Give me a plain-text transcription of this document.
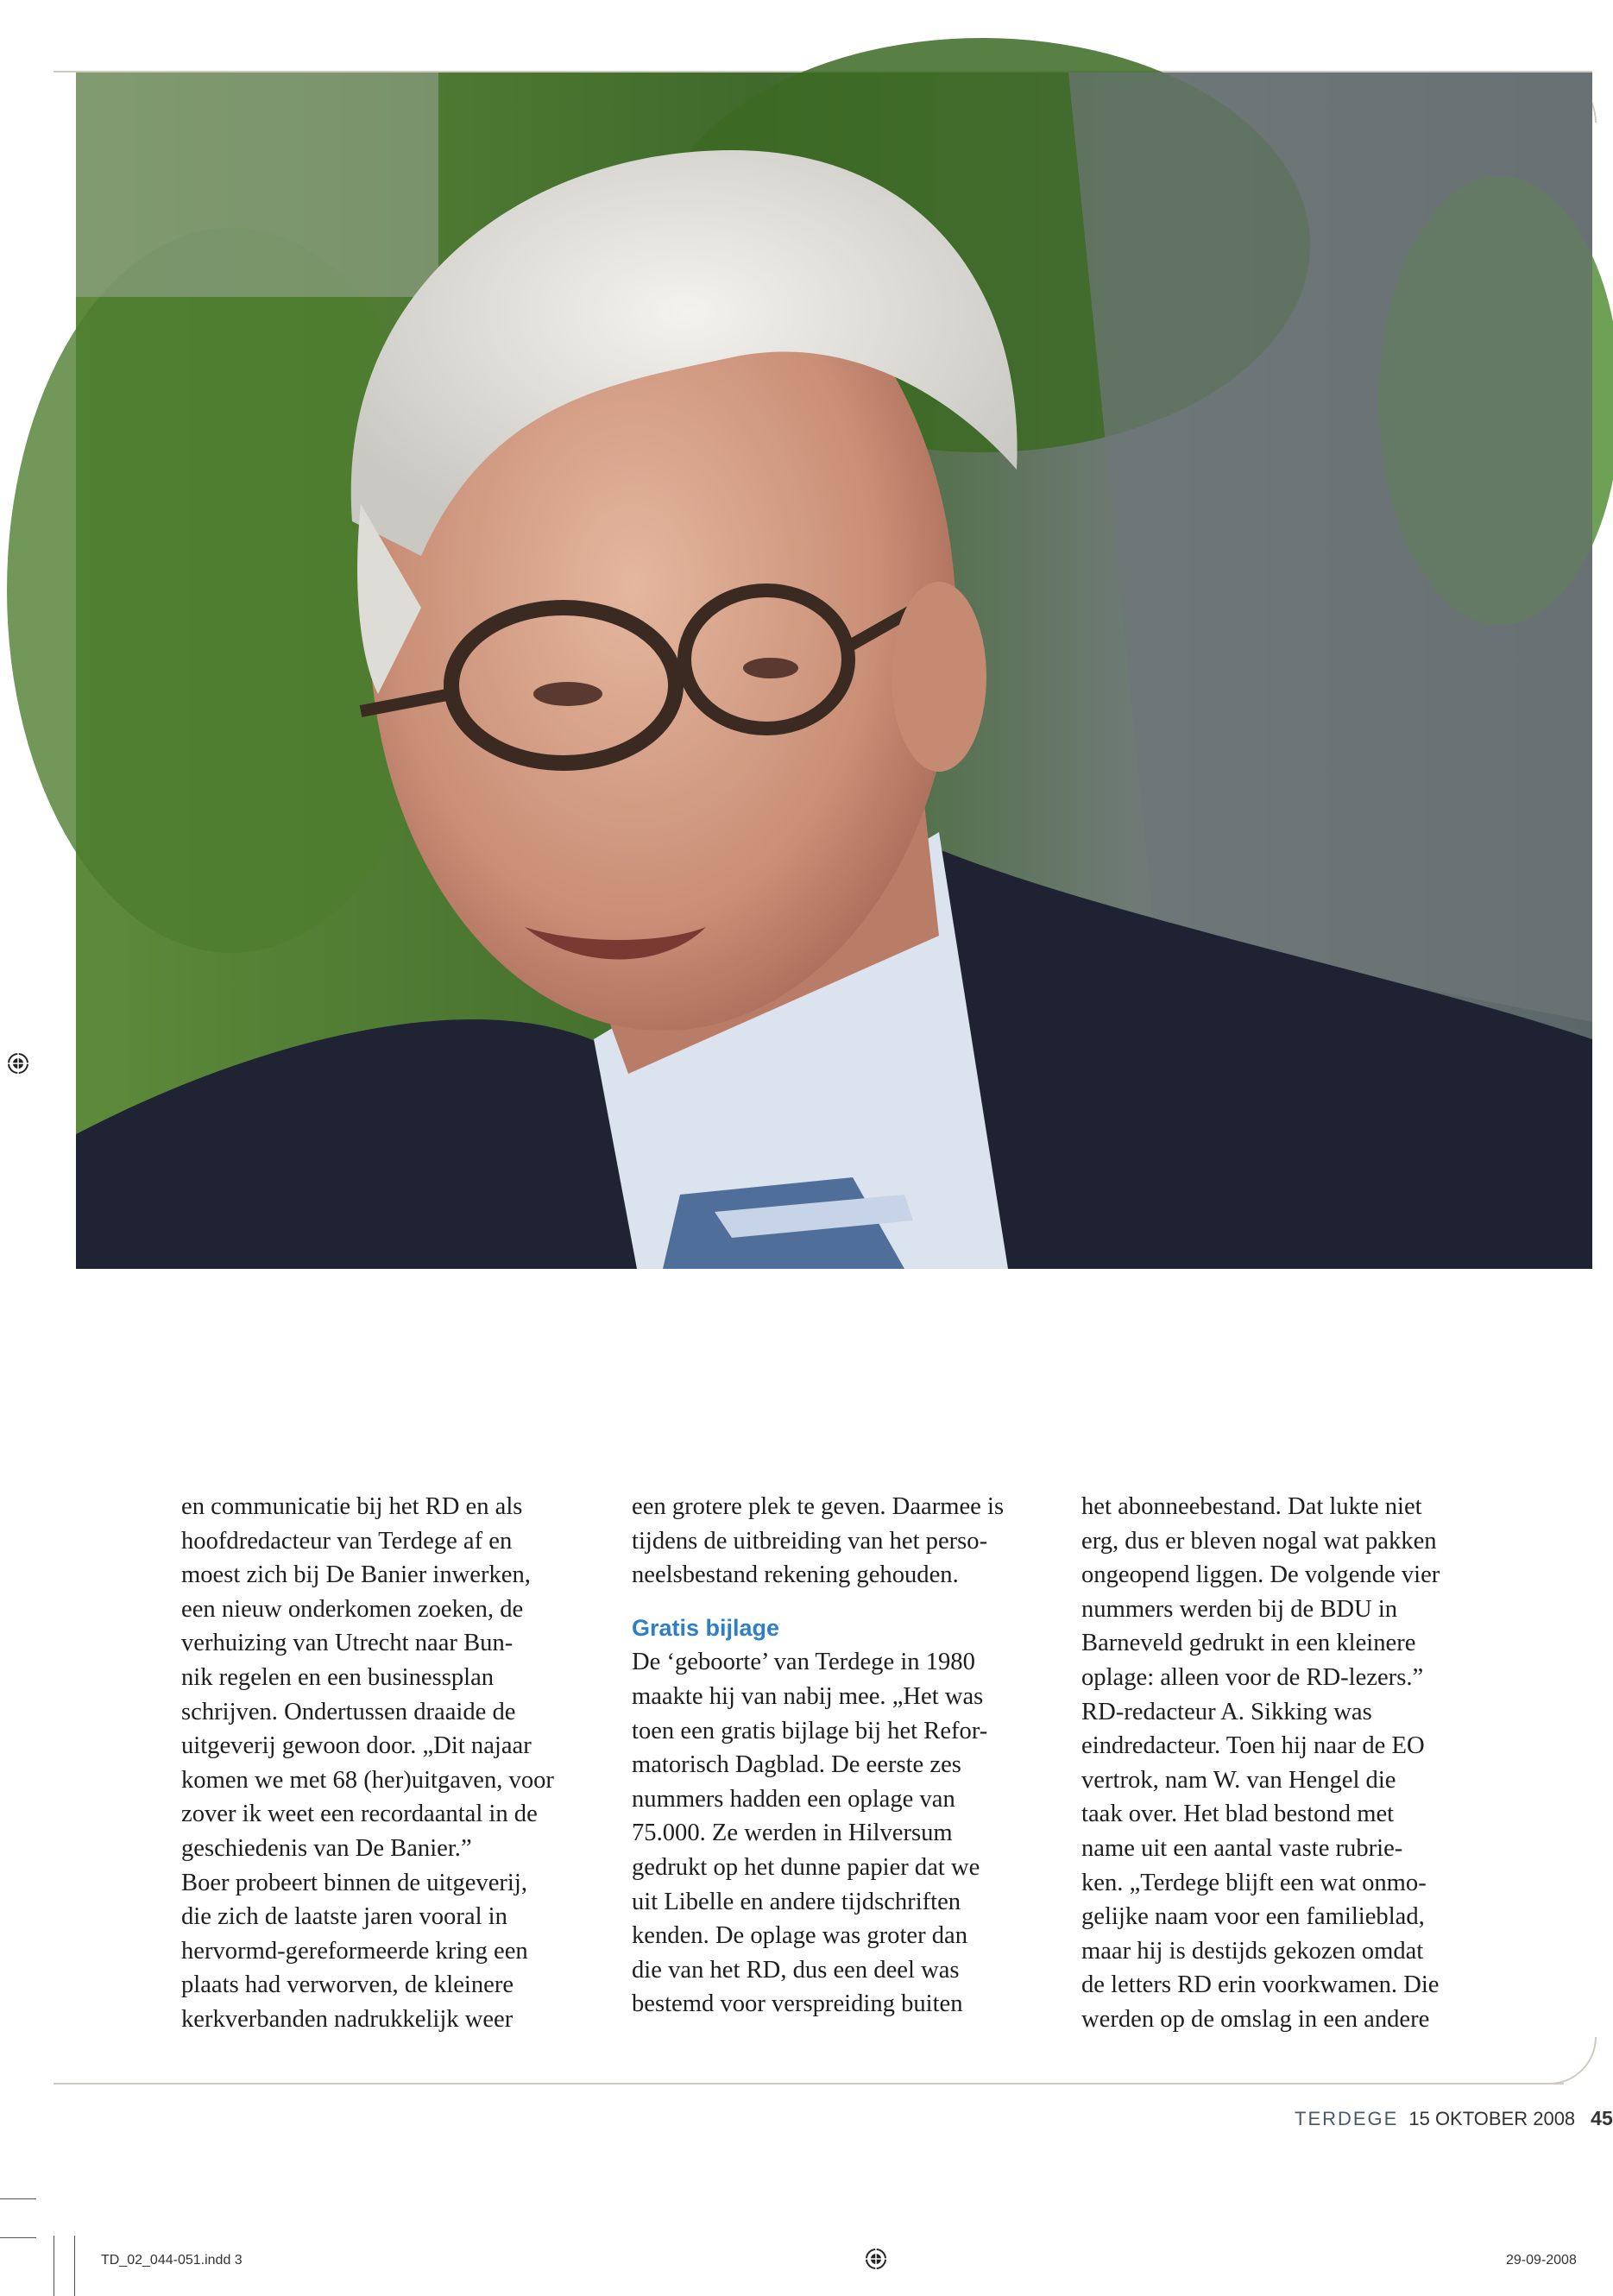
en communicatie bij het RD en als
hoofdredacteur van Terdege af en
moest zich bij De Banier inwerken,
een nieuw onderkomen zoeken, de
verhuizing van Utrecht naar Bun-
nik regelen en een businessplan
schrijven. Ondertussen draaide de
uitgeverij gewoon door. „Dit najaar
komen we met 68 (her)uitgaven, voor
zover ik weet een recordaantal in de
geschiedenis van De Banier.”
Boer probeert binnen de uitgeverij,
die zich de laatste jaren vooral in
hervormd-gereformeerde kring een
plaats had verworven, de kleinere
kerkverbanden nadrukkelijk weer
een grotere plek te geven. Daarmee is
tijdens de uitbreiding van het perso-
neelsbestand rekening gehouden.
Gratis bijlage
De ‘geboorte’ van Terdege in 1980
maakte hij van nabij mee. „Het was
toen een gratis bijlage bij het Refor-
matorisch Dagblad. De eerste zes
nummers hadden een oplage van
75.000. Ze werden in Hilversum
gedrukt op het dunne papier dat we
uit Libelle en andere tijdschriften
kenden. De oplage was groter dan
die van het RD, dus een deel was
bestemd voor verspreiding buiten
het abonneebestand. Dat lukte niet
erg, dus er bleven nogal wat pakken
ongeopend liggen. De volgende vier
nummers werden bij de BDU in
Barneveld gedrukt in een kleinere
oplage: alleen voor de RD-lezers.”
RD-redacteur A. Sikking was
eindredacteur. Toen hij naar de EO
vertrok, nam W. van Hengel die
taak over. Het blad bestond met
name uit een aantal vaste rubrie-
ken. „Terdege blijft een wat onmo-
gelijke naam voor een familieblad,
maar hij is destijds gekozen omdat
de letters RD erin voorkwamen. Die
werden op de omslag in een andere
TERDEGE 15 OKTOBER 2008 45
TD_02_044-051.indd 3	29-09-2008
